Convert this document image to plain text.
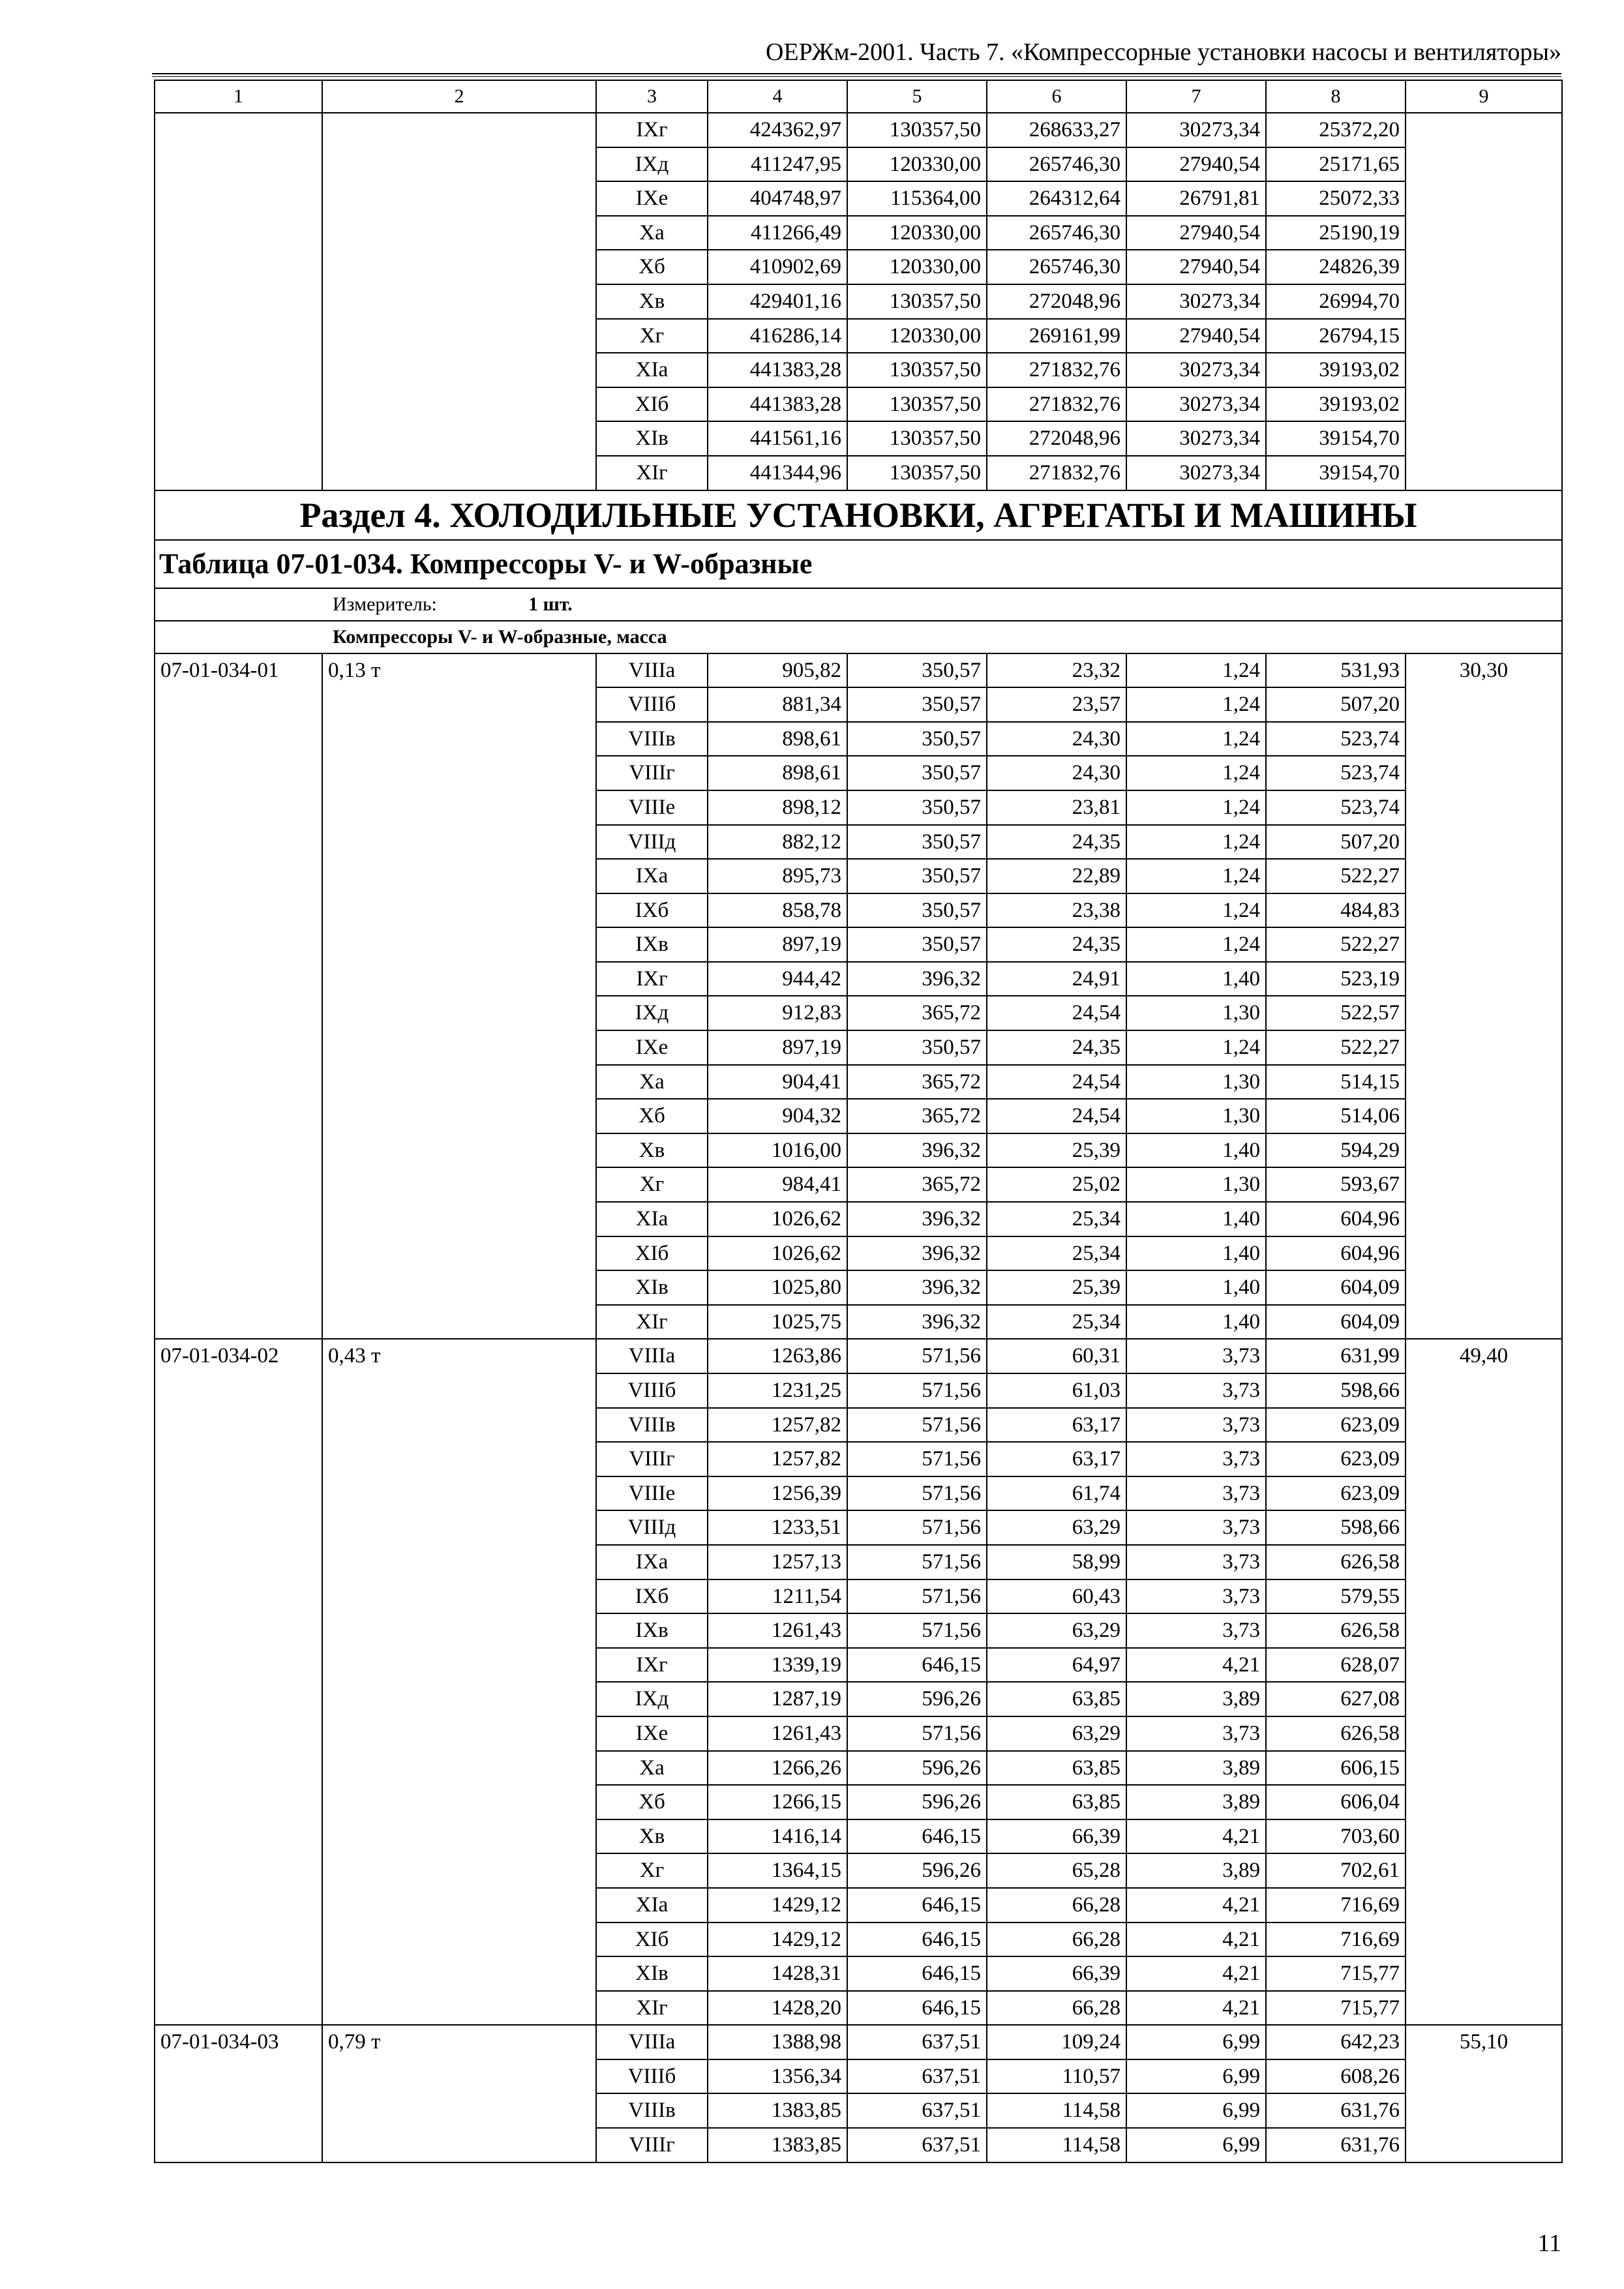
ОЕРЖм-2001. Часть 7. «Компрессорные установки насосы и вентиляторы»
1	2	3	4	5	6	7	8	9
		IXг	424362,97	130357,50	268633,27	30273,34	25372,20	
		IXд	411247,95	120330,00	265746,30	27940,54	25171,65	
		IXе	404748,97	115364,00	264312,64	26791,81	25072,33	
		Xа	411266,49	120330,00	265746,30	27940,54	25190,19	
		Xб	410902,69	120330,00	265746,30	27940,54	24826,39	
		Xв	429401,16	130357,50	272048,96	30273,34	26994,70	
		Xг	416286,14	120330,00	269161,99	27940,54	26794,15	
		XIа	441383,28	130357,50	271832,76	30273,34	39193,02	
		XIб	441383,28	130357,50	271832,76	30273,34	39193,02	
		XIв	441561,16	130357,50	272048,96	30273,34	39154,70	
		XIг	441344,96	130357,50	271832,76	30273,34	39154,70	
Раздел 4. ХОЛОДИЛЬНЫЕ УСТАНОВКИ, АГРЕГАТЫ И МАШИНЫ								
Таблица 07-01-034. Компрессоры V- и W-образные								
Измеритель: 1 шт.								
Компрессоры V- и W-образные, масса								
07-01-034-01	0,13 т	VIIIа	905,82	350,57	23,32	1,24	531,93	30,30
		VIIIб	881,34	350,57	23,57	1,24	507,20	
		VIIIв	898,61	350,57	24,30	1,24	523,74	
		VIIIг	898,61	350,57	24,30	1,24	523,74	
		VIIIе	898,12	350,57	23,81	1,24	523,74	
		VIIIд	882,12	350,57	24,35	1,24	507,20	
		IXа	895,73	350,57	22,89	1,24	522,27	
		IXб	858,78	350,57	23,38	1,24	484,83	
		IXв	897,19	350,57	24,35	1,24	522,27	
		IXг	944,42	396,32	24,91	1,40	523,19	
		IXд	912,83	365,72	24,54	1,30	522,57	
		IXе	897,19	350,57	24,35	1,24	522,27	
		Xа	904,41	365,72	24,54	1,30	514,15	
		Xб	904,32	365,72	24,54	1,30	514,06	
		Xв	1016,00	396,32	25,39	1,40	594,29	
		Xг	984,41	365,72	25,02	1,30	593,67	
		XIа	1026,62	396,32	25,34	1,40	604,96	
		XIб	1026,62	396,32	25,34	1,40	604,96	
		XIв	1025,80	396,32	25,39	1,40	604,09	
		XIг	1025,75	396,32	25,34	1,40	604,09	
07-01-034-02	0,43 т	VIIIа	1263,86	571,56	60,31	3,73	631,99	49,40
		VIIIб	1231,25	571,56	61,03	3,73	598,66	
		VIIIв	1257,82	571,56	63,17	3,73	623,09	
		VIIIг	1257,82	571,56	63,17	3,73	623,09	
		VIIIе	1256,39	571,56	61,74	3,73	623,09	
		VIIIд	1233,51	571,56	63,29	3,73	598,66	
		IXа	1257,13	571,56	58,99	3,73	626,58	
		IXб	1211,54	571,56	60,43	3,73	579,55	
		IXв	1261,43	571,56	63,29	3,73	626,58	
		IXг	1339,19	646,15	64,97	4,21	628,07	
		IXд	1287,19	596,26	63,85	3,89	627,08	
		IXе	1261,43	571,56	63,29	3,73	626,58	
		Xа	1266,26	596,26	63,85	3,89	606,15	
		Xб	1266,15	596,26	63,85	3,89	606,04	
		Xв	1416,14	646,15	66,39	4,21	703,60	
		Xг	1364,15	596,26	65,28	3,89	702,61	
		XIа	1429,12	646,15	66,28	4,21	716,69	
		XIб	1429,12	646,15	66,28	4,21	716,69	
		XIв	1428,31	646,15	66,39	4,21	715,77	
		XIг	1428,20	646,15	66,28	4,21	715,77	
07-01-034-03	0,79 т	VIIIа	1388,98	637,51	109,24	6,99	642,23	55,10
		VIIIб	1356,34	637,51	110,57	6,99	608,26	
		VIIIв	1383,85	637,51	114,58	6,99	631,76	
		VIIIг	1383,85	637,51	114,58	6,99	631,76	
11
